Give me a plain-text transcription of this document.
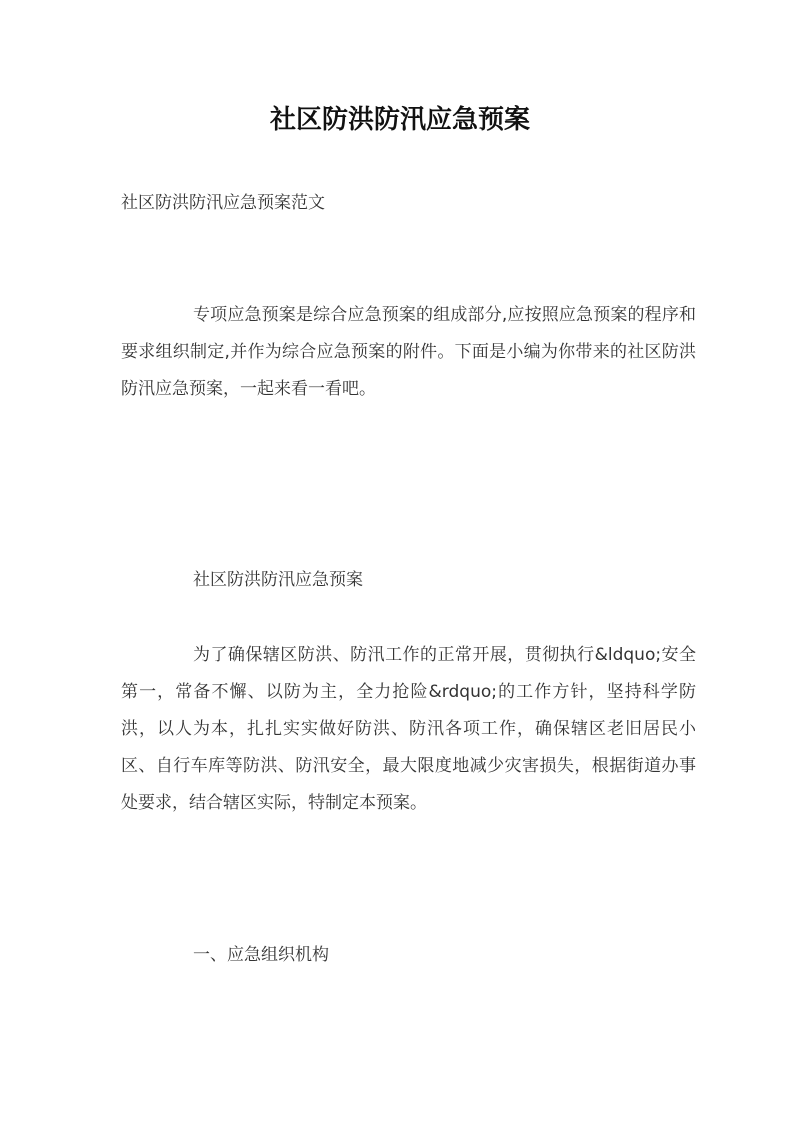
社区防洪防汛应急预案

社区防洪防汛应急预案范文

专项应急预案是综合应急预案的组成部分,应按照应急预案的程序和要求组织制定,并作为综合应急预案的附件。下面是小编为你带来的社区防洪防汛应急预案，一起来看一看吧。

社区防洪防汛应急预案

为了确保辖区防洪、防汛工作的正常开展，贯彻执行&ldquo;安全第一，常备不懈、以防为主，全力抢险&rdquo;的工作方针，坚持科学防洪，以人为本，扎扎实实做好防洪、防汛各项工作，确保辖区老旧居民小区、自行车库等防洪、防汛安全，最大限度地减少灾害损失，根据街道办事处要求，结合辖区实际，特制定本预案。

一、应急组织机构
